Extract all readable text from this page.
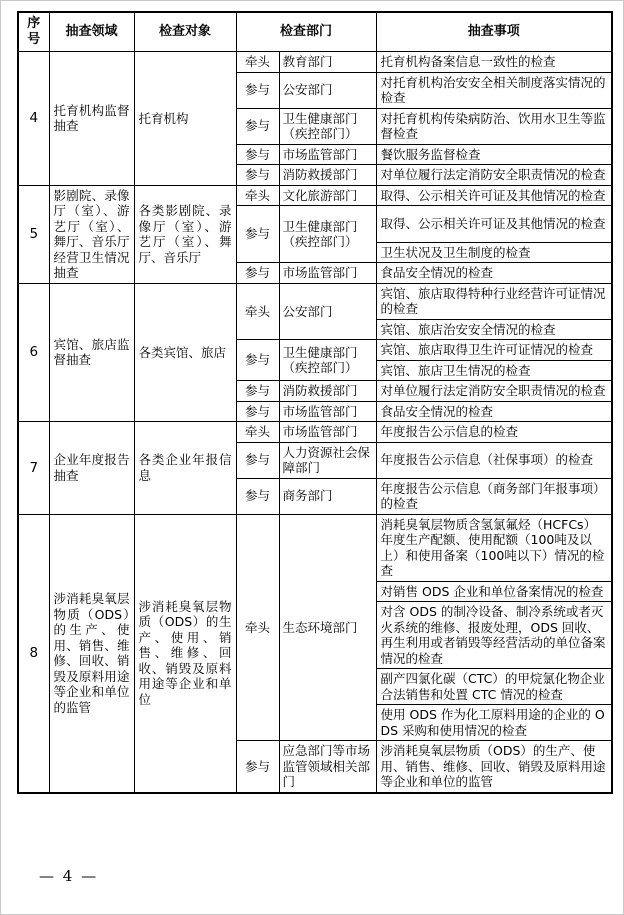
序号	抽查领域	检查对象	检查部门		抽查事项
4	托育机构监督抽查	托育机构	牵头	教育部门	托育机构备案信息一致性的检查
			参与	公安部门	对托育机构治安安全相关制度落实情况的检查
			参与	卫生健康部门（疾控部门）	对托育机构传染病防治、饮用水卫生等监督检查
			参与	市场监管部门	餐饮服务监督检查
			参与	消防救援部门	对单位履行法定消防安全职责情况的检查
5	影剧院、录像厅（室）、游艺厅（室）、舞厅、音乐厅经营卫生情况抽查	各类影剧院、录像厅（室）、游艺厅（室）、舞厅、音乐厅	牵头	文化旅游部门	取得、公示相关许可证及其他情况的检查
			参与	卫生健康部门（疾控部门）	取得、公示相关许可证及其他情况的检查
					卫生状况及卫生制度的检查
			参与	市场监管部门	食品安全情况的检查
6	宾馆、旅店监督抽查	各类宾馆、旅店	牵头	公安部门	宾馆、旅店取得特种行业经营许可证情况的检查
					宾馆、旅店治安安全情况的检查
			参与	卫生健康部门（疾控部门）	宾馆、旅店取得卫生许可证情况的检查
					宾馆、旅店卫生情况的检查
			参与	消防救援部门	对单位履行法定消防安全职责情况的检查
			参与	市场监管部门	食品安全情况的检查
7	企业年度报告抽查	各类企业年报信息	牵头	市场监管部门	年度报告公示信息的检查
			参与	人力资源社会保障部门	年度报告公示信息（社保事项）的检查
			参与	商务部门	年度报告公示信息（商务部门年报事项）的检查
8	涉消耗臭氧层物质（ODS）的生产、使用、销售、维修、回收、销毁及原料用途等企业和单位的监管	涉消耗臭氧层物质（ODS）的生产、使用、销售、维修、回收、销毁及原料用途等企业和单位	牵头	生态环境部门	消耗臭氧层物质含氢氯氟烃（HCFCs）年度生产配额、使用配额（100吨及以上）和使用备案（100吨以下）情况的检查
					对销售 ODS 企业和单位备案情况的检查
					对含 ODS 的制冷设备、制冷系统或者灭火系统的维修、报废处理，ODS 回收、再生利用或者销毁等经营活动的单位备案情况的检查
					副产四氯化碳（CTC）的甲烷氯化物企业合法销售和处置 CTC 情况的检查
					使用 ODS 作为化工原料用途的企业的 ODS 采购和使用情况的检查
			参与	应急部门等市场监管领域相关部门	涉消耗臭氧层物质（ODS）的生产、使用、销售、维修、回收、销毁及原料用途等企业和单位的监管
— 4 —
